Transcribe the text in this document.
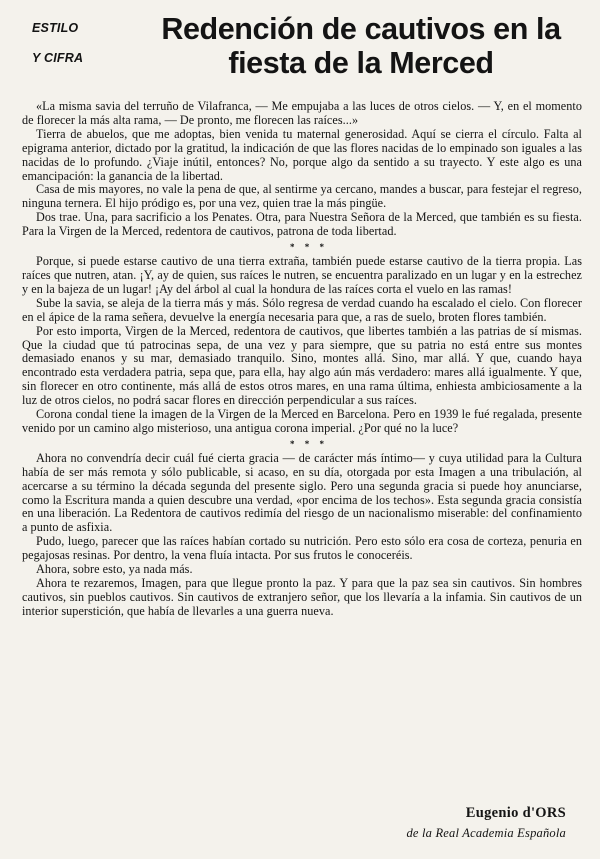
ESTILO
Y CIFRA
Redención de cautivos en la
fiesta de la Merced

«La misma savia del terruño de Vilafranca, — Me empujaba a las luces de otros cielos. — Y, en el momento de florecer la más alta rama, — De pronto, me florecen las raíces...»

Tierra de abuelos, que me adoptas, bien venida tu maternal generosidad. Aquí se cierra el círculo. Falta al epigrama anterior, dictado por la gratitud, la indicación de que las flores nacidas de lo empinado son iguales a las nacidas de lo profundo. ¿Viaje inútil, entonces? No, porque algo da sentido a su trayecto. Y este algo es una emancipación: la ganancia de la libertad.

Casa de mis mayores, no vale la pena de que, al sentirme ya cercano, mandes a buscar, para festejar el regreso, ninguna ternera. El hijo pródigo es, por una vez, quien trae la más pingüe.

Dos trae. Una, para sacrificio a los Penates. Otra, para Nuestra Señora de la Merced, que también es su fiesta. Para la Virgen de la Merced, redentora de cautivos, patrona de toda libertad.

* * *

Porque, si puede estarse cautivo de una tierra extraña, también puede estarse cautivo de la tierra propia. Las raíces que nutren, atan. ¡Y, ay de quien, sus raíces le nutren, se encuentra paralizado en un lugar y en la estrechez y en la bajeza de un lugar! ¡Ay del árbol al cual la hondura de las raíces corta el vuelo en las ramas!

Sube la savia, se aleja de la tierra más y más. Sólo regresa de verdad cuando ha escalado el cielo. Con florecer en el ápice de la rama señera, devuelve la energía necesaria para que, a ras de suelo, broten flores también.

Por esto importa, Virgen de la Merced, redentora de cautivos, que libertes también a las patrias de sí mismas. Que la ciudad que tú patrocinas sepa, de una vez y para siempre, que su patria no está entre sus montes demasiado enanos y su mar, demasiado tranquilo. Sino, montes allá. Sino, mar allá. Y que, cuando haya encontrado esta verdadera patria, sepa que, para ella, hay algo aún más verdadero: mares allá igualmente. Y que, sin florecer en otro continente, más allá de estos otros mares, en una rama última, enhiesta ambiciosamente a la luz de otros cielos, no podrá sacar flores en dirección perpendicular a sus raíces.

Corona condal tiene la imagen de la Virgen de la Merced en Barcelona. Pero en 1939 le fué regalada, presente venido por un camino algo misterioso, una antigua corona imperial. ¿Por qué no la luce?

* * *

Ahora no convendría decir cuál fué cierta gracia — de carácter más íntimo— y cuya utilidad para la Cultura había de ser más remota y sólo publicable, si acaso, en su día, otorgada por esta Imagen a una tribulación, al acercarse a su término la década segunda del presente siglo. Pero una segunda gracia si puede hoy anunciarse, como la Escritura manda a quien descubre una verdad, «por encima de los techos». Esta segunda gracia consistía en una liberación. La Redentora de cautivos redimía del riesgo de un nacionalismo miserable: del confinamiento a punto de asfixia.

Pudo, luego, parecer que las raíces habían cortado su nutrición. Pero esto sólo era cosa de corteza, penuria en pegajosas resinas. Por dentro, la vena fluía intacta. Por sus frutos le conoceréis.

Ahora, sobre esto, ya nada más.

Ahora te rezaremos, Imagen, para que llegue pronto la paz. Y para que la paz sea sin cautivos. Sin hombres cautivos, sin pueblos cautivos. Sin cautivos de extranjero señor, que los llevaría a la infamia. Sin cautivos de un interior superstición, que había de llevarles a una guerra nueva.

Eugenio d'ORS
de la Real Academia Española
